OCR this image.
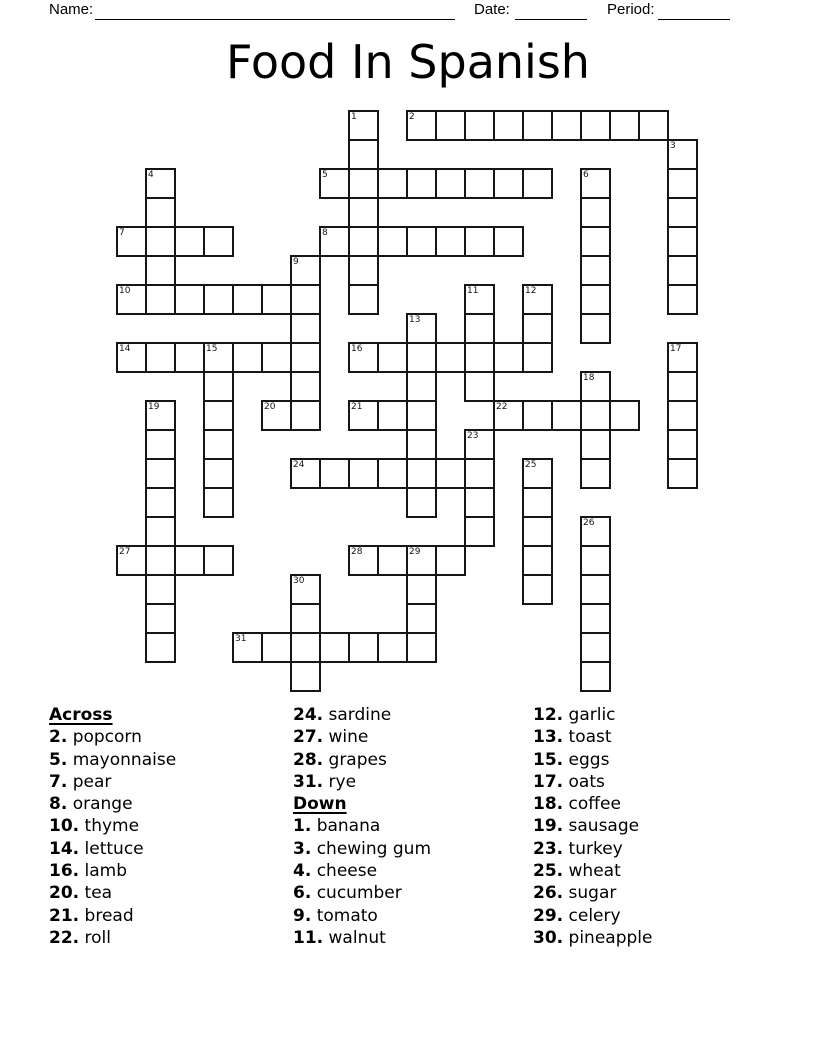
Name:	Date:	Period:
Food In Spanish
1	2
3
4	5	6
7	8
9
10	11	12
13
14	15	16	17
18
19	20	21	22
23
24	25
26
27	28	29
30
31
Across
2. popcorn
5. mayonnaise
7. pear
8. orange
10. thyme
14. lettuce
16. lamb
20. tea
21. bread
22. roll
24. sardine
27. wine
28. grapes
31. rye
Down
1. banana
3. chewing gum
4. cheese
6. cucumber
9. tomato
11. walnut
12. garlic
13. toast
15. eggs
17. oats
18. coffee
19. sausage
23. turkey
25. wheat
26. sugar
29. celery
30. pineapple
